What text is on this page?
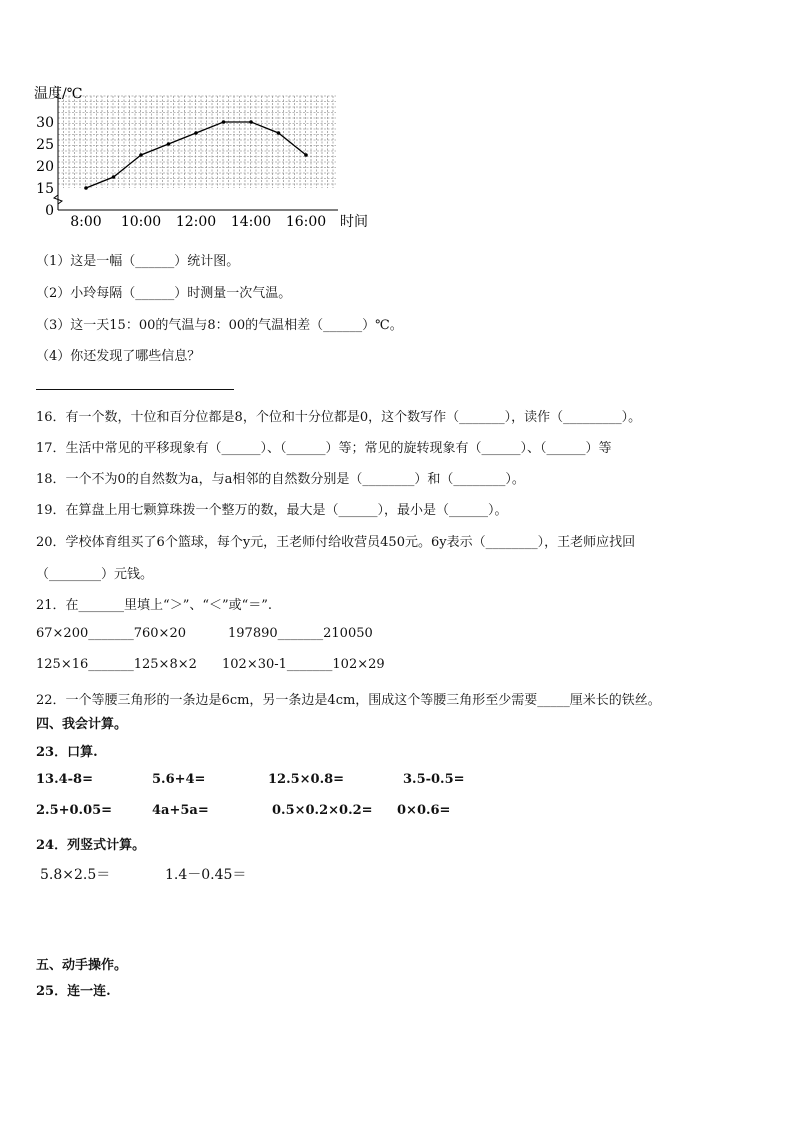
温度/℃
0
15
20
25
30
8:00 10:00 12:00 14:00 16:00 时间
（1）这是一幅（______）统计图。
（2）小玲每隔（______）时测量一次气温。
（3）这一天15：00的气温与8：00的气温相差（______）℃。
（4）你还发现了哪些信息？
16．有一个数，十位和百分位都是8，个位和十分位都是0，这个数写作（_______），读作（_________）。
17．生活中常见的平移现象有（______）、（______）等；常见的旋转现象有（______）、（______）等
18．一个不为0的自然数为a，与a相邻的自然数分别是（________）和（________）。
19．在算盘上用七颗算珠拨一个整万的数，最大是（______），最小是（______）。
20．学校体育组买了6个篮球，每个y元，王老师付给收营员450元。6y表示（________），王老师应找回
（________）元钱。
21．在_______里填上“＞”、“＜”或“＝”.
67×200_______760×20	197890_______210050
125×16_______125×8×2 102×30-1_______102×29
22．一个等腰三角形的一条边是6cm，另一条边是4cm，围成这个等腰三角形至少需要_____厘米长的铁丝。
四、我会计算。
23．口算.
13.4-8=	5.6+4=	12.5×0.8=	3.5-0.5=
2.5+0.05=	4a+5a=	0.5×0.2×0.2= 0×0.6=
24．列竖式计算。
5.8×2.5＝	1.4－0.45＝
五、动手操作。
25．连一连.
